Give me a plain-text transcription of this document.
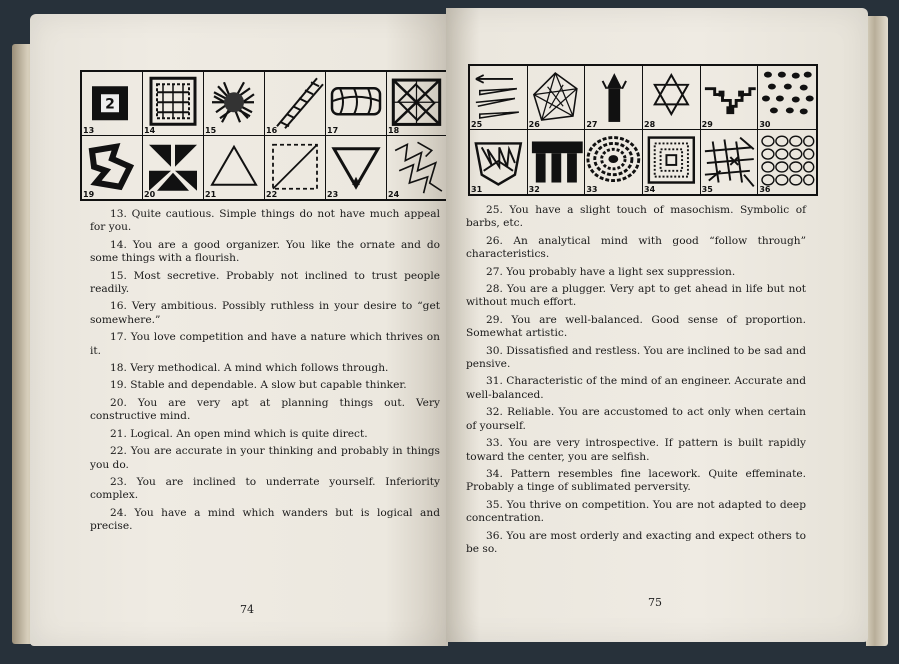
2
13	14	15	16	17	18
19	20	21	22	23	24

13. Quite cautious. Simple things do not have much appeal for you.

14. You are a good organizer. You like the ornate and do some things with a flourish.

15. Most secretive. Probably not inclined to trust people readily.

16. Very ambitious. Possibly ruthless in your desire to “get somewhere.”

17. You love competition and have a nature which thrives on it.

18. Very methodical. A mind which follows through.

19. Stable and dependable. A slow but capable thinker.

20. You are very apt at planning things out. Very constructive mind.

21. Logical. An open mind which is quite direct.

22. You are accurate in your thinking and probably in things you do.

23. You are inclined to underrate yourself. Inferiority complex.

24. You have a mind which wanders but is logical and precise.

74
25	26	27	28	29	30
31	32	33	34	35	36

25. You have a slight touch of masochism. Symbolic of barbs, etc.

26. An analytical mind with good “follow through” characteristics.

27. You probably have a light sex suppression.

28. You are a plugger. Very apt to get ahead in life but not without much effort.

29. You are well-balanced. Good sense of proportion. Somewhat artistic.

30. Dissatisfied and restless. You are inclined to be sad and pensive.

31. Characteristic of the mind of an engineer. Accurate and well-balanced.

32. Reliable. You are accustomed to act only when certain of yourself.

33. You are very introspective. If pattern is built rapidly toward the center, you are selfish.

34. Pattern resembles fine lacework. Quite effeminate. Probably a tinge of sublimated perversity.

35. You thrive on competition. You are not adapted to deep concentration.

36. You are most orderly and exacting and expect others to be so.

75
